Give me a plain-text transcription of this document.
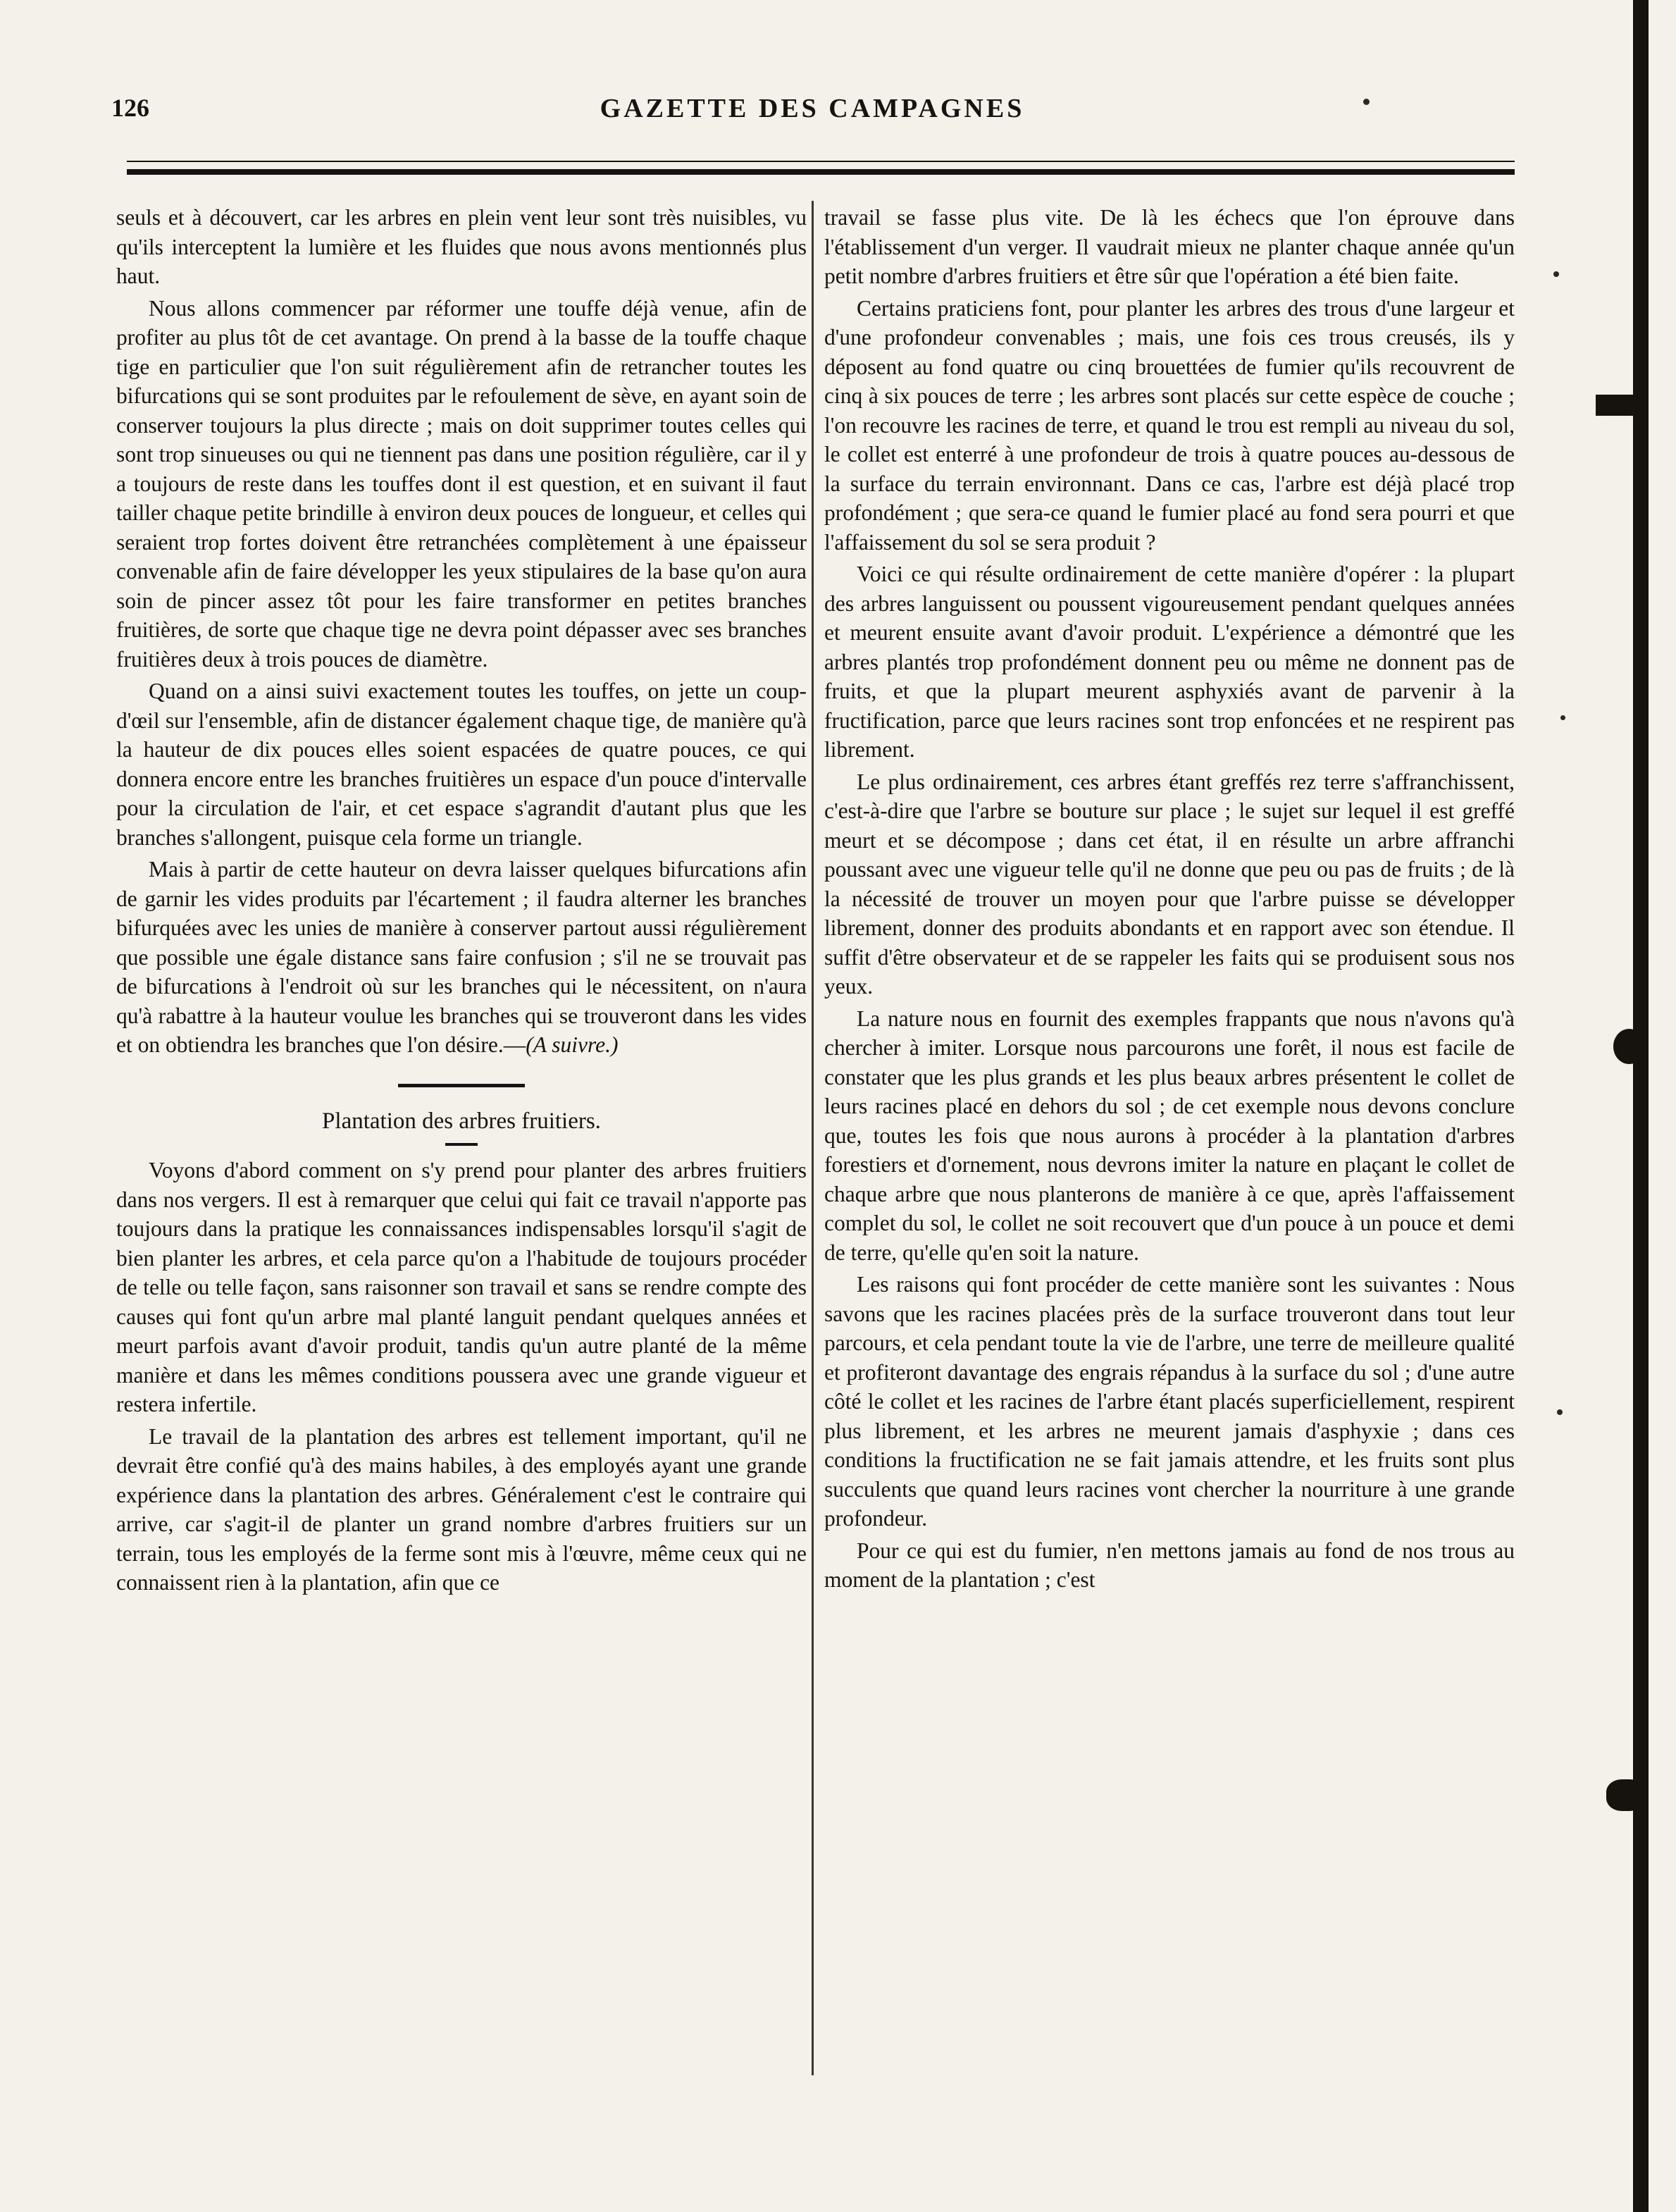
126	GAZETTE DES CAMPAGNES

seuls et à découvert, car les arbres en plein vent leur sont très nuisibles, vu qu'ils interceptent la lumière et les fluides que nous avons mentionnés plus haut.

Nous allons commencer par réformer une touffe déjà venue, afin de profiter au plus tôt de cet avantage. On prend à la basse de la touffe chaque tige en particulier que l'on suit régulièrement afin de retrancher toutes les bifurcations qui se sont produites par le refoulement de sève, en ayant soin de conserver toujours la plus directe ; mais on doit supprimer toutes celles qui sont trop sinueuses ou qui ne tiennent pas dans une position régulière, car il y a toujours de reste dans les touffes dont il est question, et en suivant il faut tailler chaque petite brindille à environ deux pouces de longueur, et celles qui seraient trop fortes doivent être retranchées complètement à une épaisseur convenable afin de faire développer les yeux stipulaires de la base qu'on aura soin de pincer assez tôt pour les faire transformer en petites branches fruitières, de sorte que chaque tige ne devra point dépasser avec ses branches fruitières deux à trois pouces de diamètre.

Quand on a ainsi suivi exactement toutes les touffes, on jette un coup-d'œil sur l'ensemble, afin de distancer également chaque tige, de manière qu'à la hauteur de dix pouces elles soient espacées de quatre pouces, ce qui donnera encore entre les branches fruitières un espace d'un pouce d'intervalle pour la circulation de l'air, et cet espace s'agrandit d'autant plus que les branches s'allongent, puisque cela forme un triangle.

Mais à partir de cette hauteur on devra laisser quelques bifurcations afin de garnir les vides produits par l'écartement ; il faudra alterner les branches bifurquées avec les unies de manière à conserver partout aussi régulièrement que possible une égale distance sans faire confusion ; s'il ne se trouvait pas de bifurcations à l'endroit où sur les branches qui le nécessitent, on n'aura qu'à rabattre à la hauteur voulue les branches qui se trouveront dans les vides et on obtiendra les branches que l'on désire.—(A suivre.)

Plantation des arbres fruitiers.

Voyons d'abord comment on s'y prend pour planter des arbres fruitiers dans nos vergers. Il est à remarquer que celui qui fait ce travail n'apporte pas toujours dans la pratique les connaissances indispensables lorsqu'il s'agit de bien planter les arbres, et cela parce qu'on a l'habitude de toujours procéder de telle ou telle façon, sans raisonner son travail et sans se rendre compte des causes qui font qu'un arbre mal planté languit pendant quelques années et meurt parfois avant d'avoir produit, tandis qu'un autre planté de la même manière et dans les mêmes conditions poussera avec une grande vigueur et restera infertile.

Le travail de la plantation des arbres est tellement important, qu'il ne devrait être confié qu'à des mains habiles, à des employés ayant une grande expérience dans la plantation des arbres. Généralement c'est le contraire qui arrive, car s'agit-il de planter un grand nombre d'arbres fruitiers sur un terrain, tous les employés de la ferme sont mis à l'œuvre, même ceux qui ne connaissent rien à la plantation, afin que ce

travail se fasse plus vite. De là les échecs que l'on éprouve dans l'établissement d'un verger. Il vaudrait mieux ne planter chaque année qu'un petit nombre d'arbres fruitiers et être sûr que l'opération a été bien faite.

Certains praticiens font, pour planter les arbres des trous d'une largeur et d'une profondeur convenables ; mais, une fois ces trous creusés, ils y déposent au fond quatre ou cinq brouettées de fumier qu'ils recouvrent de cinq à six pouces de terre ; les arbres sont placés sur cette espèce de couche ; l'on recouvre les racines de terre, et quand le trou est rempli au niveau du sol, le collet est enterré à une profondeur de trois à quatre pouces au-dessous de la surface du terrain environnant. Dans ce cas, l'arbre est déjà placé trop profondément ; que sera-ce quand le fumier placé au fond sera pourri et que l'affaissement du sol se sera produit ?

Voici ce qui résulte ordinairement de cette manière d'opérer : la plupart des arbres languissent ou poussent vigoureusement pendant quelques années et meurent ensuite avant d'avoir produit. L'expérience a démontré que les arbres plantés trop profondément donnent peu ou même ne donnent pas de fruits, et que la plupart meurent asphyxiés avant de parvenir à la fructification, parce que leurs racines sont trop enfoncées et ne respirent pas librement.

Le plus ordinairement, ces arbres étant greffés rez terre s'affranchissent, c'est-à-dire que l'arbre se bouture sur place ; le sujet sur lequel il est greffé meurt et se décompose ; dans cet état, il en résulte un arbre affranchi poussant avec une vigueur telle qu'il ne donne que peu ou pas de fruits ; de là la nécessité de trouver un moyen pour que l'arbre puisse se développer librement, donner des produits abondants et en rapport avec son étendue. Il suffit d'être observateur et de se rappeler les faits qui se produisent sous nos yeux.

La nature nous en fournit des exemples frappants que nous n'avons qu'à chercher à imiter. Lorsque nous parcourons une forêt, il nous est facile de constater que les plus grands et les plus beaux arbres présentent le collet de leurs racines placé en dehors du sol ; de cet exemple nous devons conclure que, toutes les fois que nous aurons à procéder à la plantation d'arbres forestiers et d'ornement, nous devrons imiter la nature en plaçant le collet de chaque arbre que nous planterons de manière à ce que, après l'affaissement complet du sol, le collet ne soit recouvert que d'un pouce à un pouce et demi de terre, qu'elle qu'en soit la nature.

Les raisons qui font procéder de cette manière sont les suivantes : Nous savons que les racines placées près de la surface trouveront dans tout leur parcours, et cela pendant toute la vie de l'arbre, une terre de meilleure qualité et profiteront davantage des engrais répandus à la surface du sol ; d'une autre côté le collet et les racines de l'arbre étant placés superficiellement, respirent plus librement, et les arbres ne meurent jamais d'asphyxie ; dans ces conditions la fructification ne se fait jamais attendre, et les fruits sont plus succulents que quand leurs racines vont chercher la nourriture à une grande profondeur.

Pour ce qui est du fumier, n'en mettons jamais au fond de nos trous au moment de la plantation ; c'est
